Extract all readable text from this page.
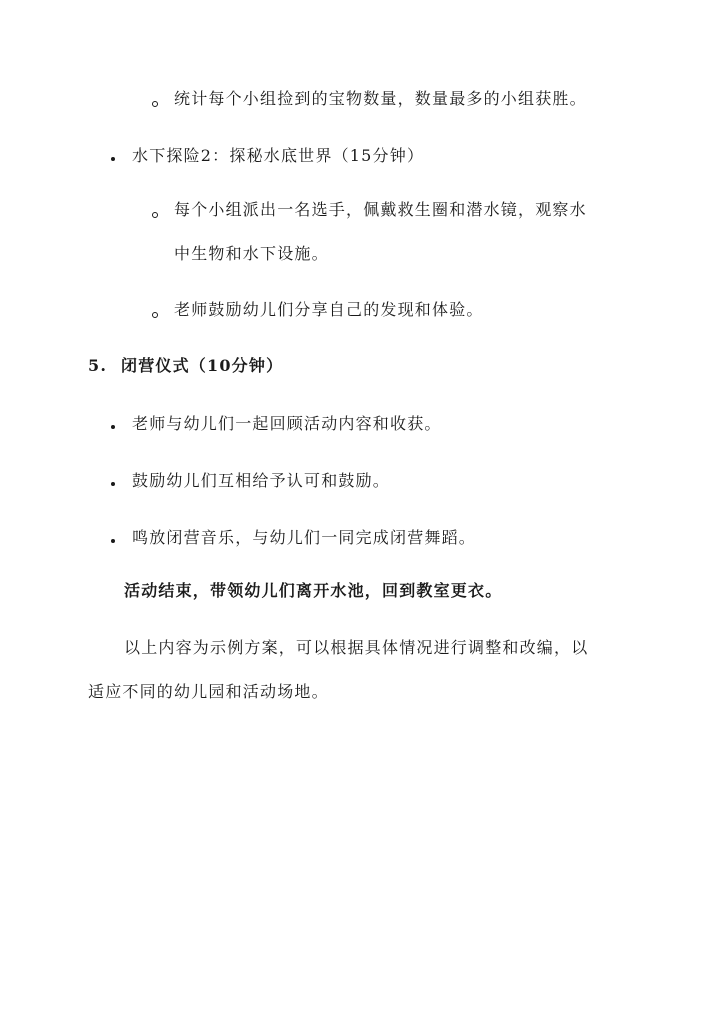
统计每个小组捡到的宝物数量，数量最多的小组获胜。
水下探险2：探秘水底世界（15分钟）
每个小组派出一名选手，佩戴救生圈和潜水镜，观察水
中生物和水下设施。
老师鼓励幼儿们分享自己的发现和体验。
5. 闭营仪式（10分钟）
老师与幼儿们一起回顾活动内容和收获。
鼓励幼儿们互相给予认可和鼓励。
鸣放闭营音乐，与幼儿们一同完成闭营舞蹈。
活动结束，带领幼儿们离开水池，回到教室更衣。
以上内容为示例方案，可以根据具体情况进行调整和改编，以
适应不同的幼儿园和活动场地。
